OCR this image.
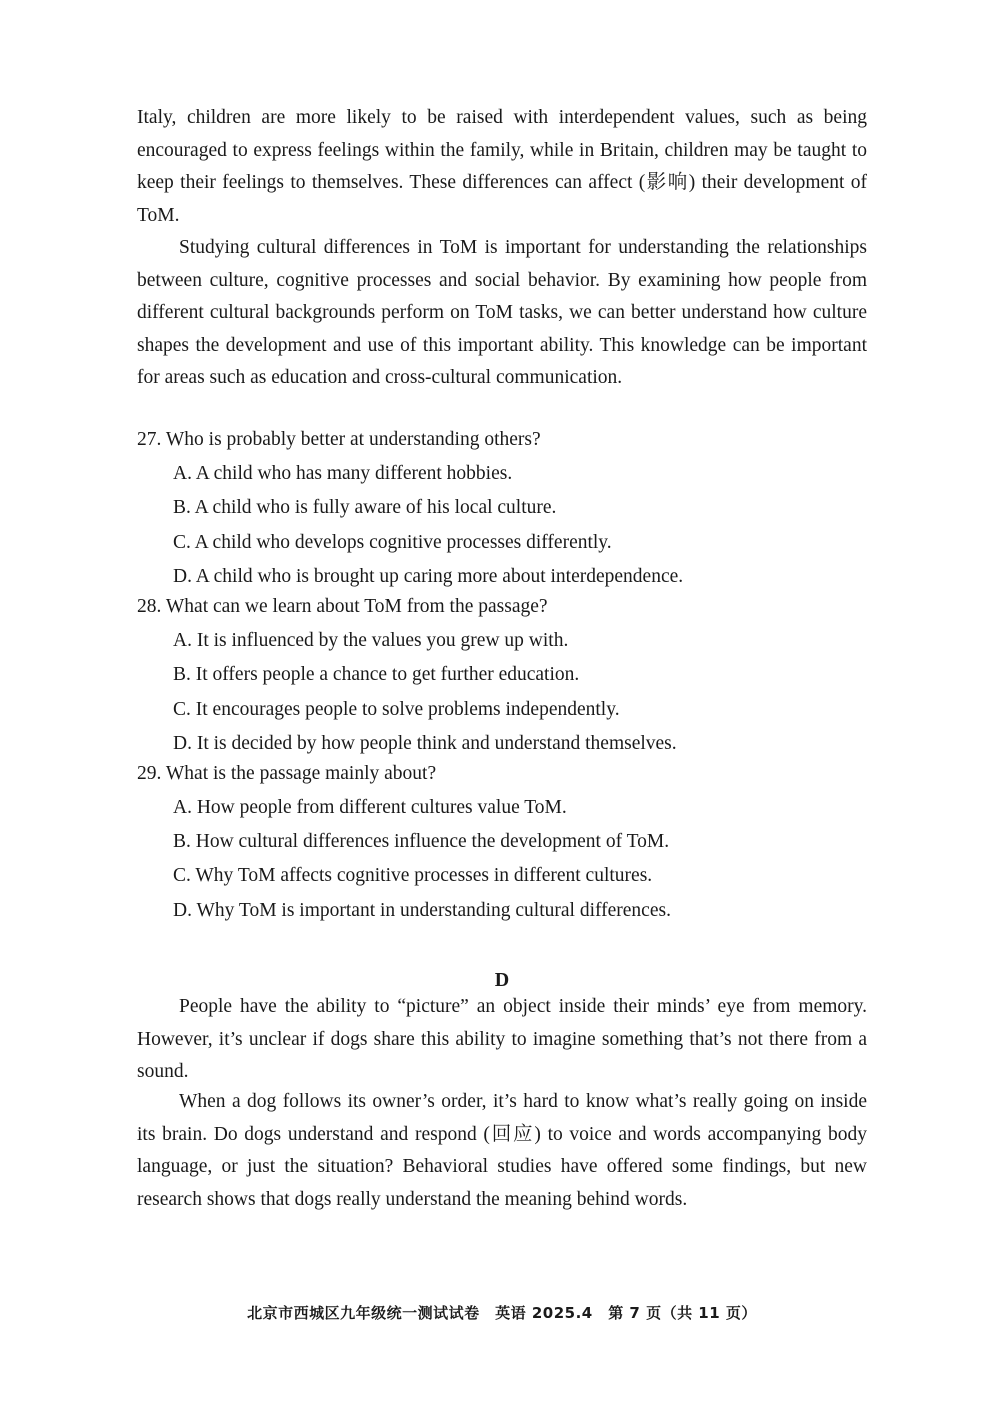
Italy, children are more likely to be raised with interdependent values, such as being encouraged to express feelings within the family, while in Britain, children may be taught to keep their feelings to themselves. These differences can affect (影响) their development of ToM.

Studying cultural differences in ToM is important for understanding the relationships between culture, cognitive processes and social behavior. By examining how people from different cultural backgrounds perform on ToM tasks, we can better understand how culture shapes the development and use of this important ability. This knowledge can be important for areas such as education and cross-cultural communication.

27. Who is probably better at understanding others?

A. A child who has many different hobbies.

B. A child who is fully aware of his local culture.

C. A child who develops cognitive processes differently.

D. A child who is brought up caring more about interdependence.

28. What can we learn about ToM from the passage?

A. It is influenced by the values you grew up with.

B. It offers people a chance to get further education.

C. It encourages people to solve problems independently.

D. It is decided by how people think and understand themselves.

29. What is the passage mainly about?

A. How people from different cultures value ToM.

B. How cultural differences influence the development of ToM.

C. Why ToM affects cognitive processes in different cultures.

D. Why ToM is important in understanding cultural differences.

D

People have the ability to “picture” an object inside their minds’ eye from memory. However, it’s unclear if dogs share this ability to imagine something that’s not there from a sound.

When a dog follows its owner’s order, it’s hard to know what’s really going on inside its brain. Do dogs understand and respond (回应) to voice and words accompanying body language, or just the situation? Behavioral studies have offered some findings, but new research shows that dogs really understand the meaning behind words.

北京市西城区九年级统一测试试卷　英语 2025.4　第 7 页（共 11 页）
